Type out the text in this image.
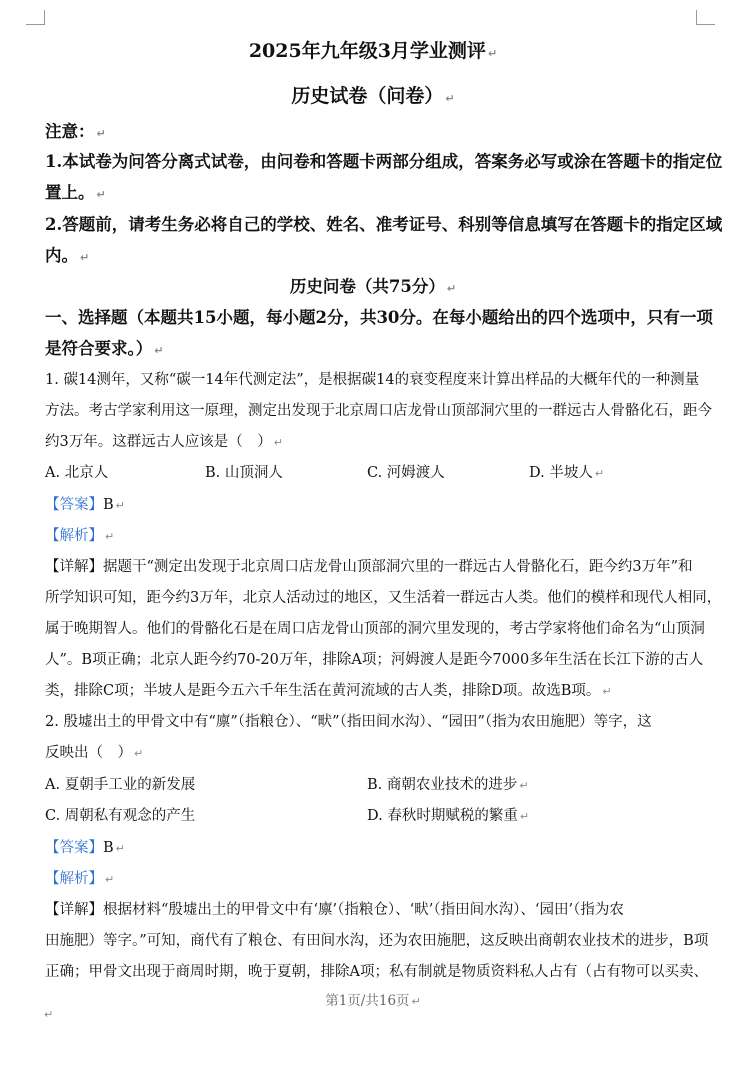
2025年九年级3月学业测评 ↵
历史试卷（问卷） ↵
注意： ↵
1.本试卷为问答分离式试卷，由问卷和答题卡两部分组成，答案务必写或涂在答题卡的指定位
置上。 ↵
2.答题前，请考生务必将自己的学校、姓名、准考证号、科别等信息填写在答题卡的指定区域
内。 ↵
历史问卷（共75分） ↵
一、选择题（本题共15小题，每小题2分，共30分。在每小题给出的四个选项中，只有一项
是符合要求。） ↵
1. 碳14测年，又称“碳一14年代测定法”，是根据碳14的衰变程度来计算出样品的大概年代的一种测量
方法。考古学家利用这一原理，测定出发现于北京周口店龙骨山顶部洞穴里的一群远古人骨骼化石，距今
约3万年。这群远古人应该是（　） ↵
A. 北京人	B. 山顶洞人	C. 河姆渡人	D. 半坡人 ↵
【答案】B ↵
【解析】 ↵
【详解】据题干“测定出发现于北京周口店龙骨山顶部洞穴里的一群远古人骨骼化石，距今约3万年”和
所学知识可知，距今约3万年，北京人活动过的地区，又生活着一群远古人类。他们的模样和现代人相同，
属于晚期智人。他们的骨骼化石是在周口店龙骨山顶部的洞穴里发现的，考古学家将他们命名为“山顶洞
人”。B项正确；北京人距今约70-20万年，排除A项；河姆渡人是距今7000多年生活在长江下游的古人
类，排除C项；半坡人是距今五六千年生活在黄河流域的古人类，排除D项。故选B项。 ↵
2. 殷墟出土的甲骨文中有“廪”（指粮仓）、“畎”（指田间水沟）、“园田”（指为农田施肥）等字，这
反映出（　） ↵
A. 夏朝手工业的新发展	B. 商朝农业技术的进步 ↵
C. 周朝私有观念的产生	D. 春秋时期赋税的繁重 ↵
【答案】B ↵
【解析】 ↵
【详解】根据材料“殷墟出土的甲骨文中有‘廪’（指粮仓）、‘畎’（指田间水沟）、‘园田’（指为农
田施肥）等字。”可知，商代有了粮仓、有田间水沟，还为农田施肥，这反映出商朝农业技术的进步，B项
正确；甲骨文出现于商周时期，晚于夏朝，排除A项；私有制就是物质资料私人占有（占有物可以买卖、
第1页/共16页 ↵
↵
